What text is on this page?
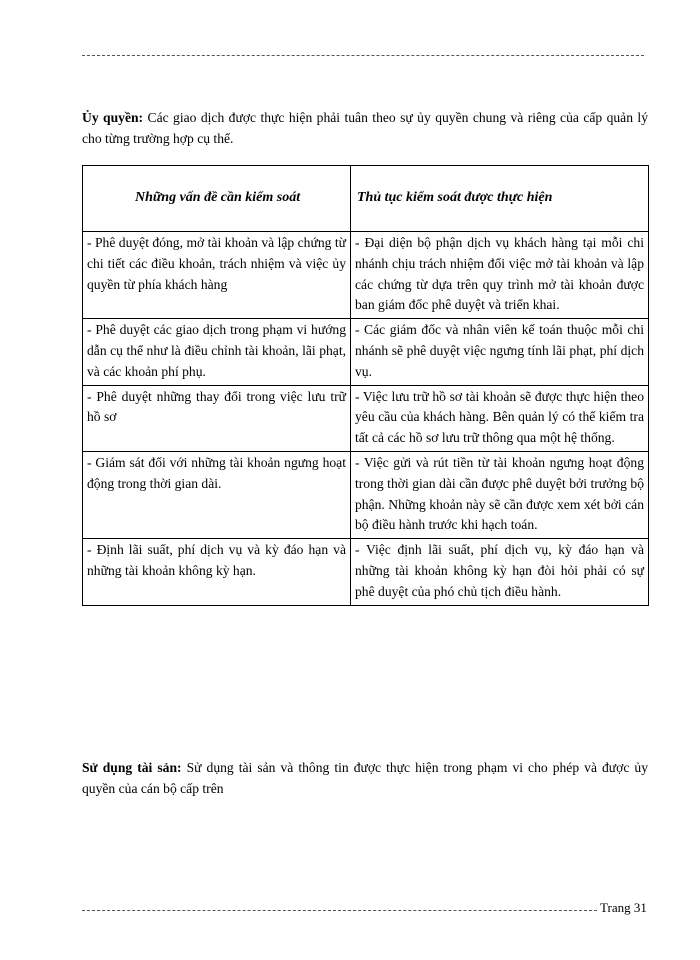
Ủy quyền: Các giao dịch được thực hiện phải tuân theo sự ủy quyền chung và riêng của cấp quản lý cho từng trường hợp cụ thể.

Những vấn đề cần kiểm soát	Thủ tục kiểm soát được thực hiện
- Phê duyệt đóng, mở tài khoản và lập chứng từ chi tiết các điều khoản, trách nhiệm và việc ủy quyền từ phía khách hàng	- Đại diện bộ phận dịch vụ khách hàng tại mỗi chi nhánh chịu trách nhiệm đối việc mở tài khoản và lập các chứng từ dựa trên quy trình mở tài khoản được ban giám đốc phê duyệt và triển khai.
- Phê duyệt các giao dịch trong phạm vi hướng dẫn cụ thể như là điều chỉnh tài khoản, lãi phạt, và các khoản phí phụ.	- Các giám đốc và nhân viên kế toán thuộc mỗi chi nhánh sẽ phê duyệt việc ngưng tính lãi phạt, phí dịch vụ.
- Phê duyệt những thay đổi trong việc lưu trữ hồ sơ	- Việc lưu trữ hồ sơ tài khoản sẽ được thực hiện theo yêu cầu của khách hàng. Bên quản lý có thể kiểm tra tất cả các hồ sơ lưu trữ thông qua một hệ thống.
- Giám sát đối với những tài khoản ngưng hoạt động trong thời gian dài.	- Việc gửi và rút tiền từ tài khoản ngưng hoạt động trong thời gian dài cần được phê duyệt bởi trưởng bộ phận. Những khoản này sẽ cần được xem xét bởi cán bộ điều hành trước khi hạch toán.
- Định lãi suất, phí dịch vụ và kỳ đáo hạn và những tài khoản không kỳ hạn.	- Việc định lãi suất, phí dịch vụ, kỳ đáo hạn và những tài khoản không kỳ hạn đòi hỏi phải có sự phê duyệt của phó chủ tịch điều hành.

Sử dụng tài sản: Sử dụng tài sản và thông tin được thực hiện trong phạm vi cho phép và được ủy quyền của cán bộ cấp trên

Trang 31
